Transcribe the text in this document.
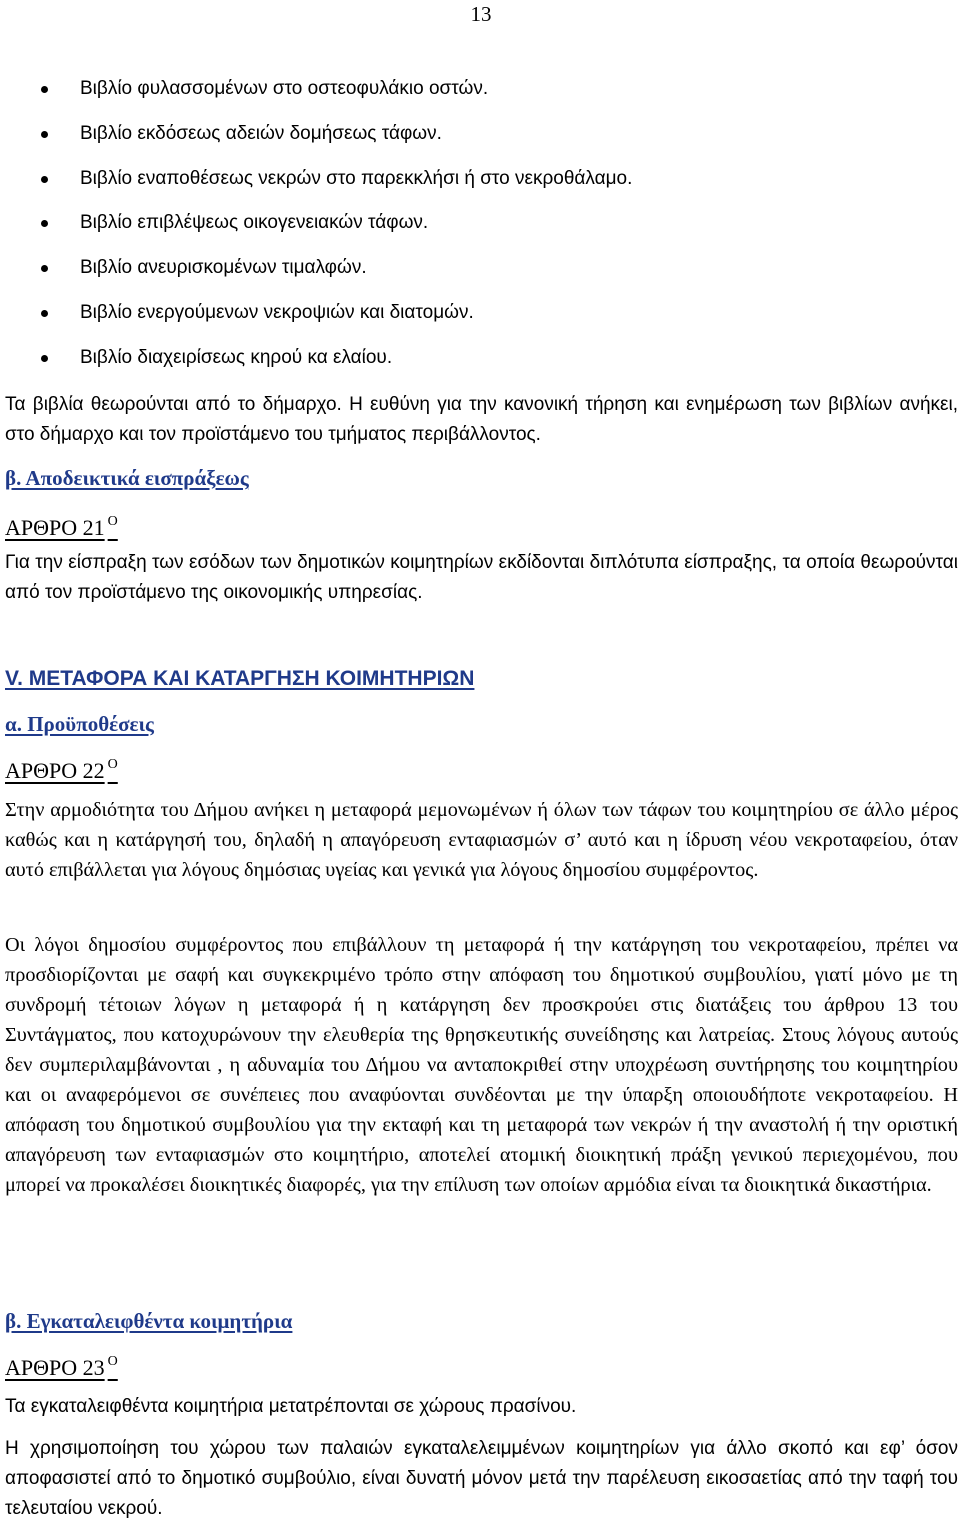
13
Βιβλίο φυλασσομένων στο οστεοφυλάκιο οστών.
Βιβλίο εκδόσεως αδειών δομήσεως τάφων.
Βιβλίο εναποθέσεως νεκρών στο παρεκκλήσι ή στο νεκροθάλαμο.
Βιβλίο επιβλέψεως οικογενειακών τάφων.
Βιβλίο ανευρισκομένων τιμαλφών.
Βιβλίο ενεργούμενων νεκροψιών και διατομών.
Βιβλίο διαχειρίσεως κηρού κα ελαίου.
Τα βιβλία θεωρούνται από το δήμαρχο. Η ευθύνη για την κανονική τήρηση και ενημέρωση των βιβλίων ανήκει, στο δήμαρχο και τον προϊστάμενο του τμήματος περιβάλλοντος.
β. Αποδεικτικά εισπράξεως
ΑΡΘΡΟ 21 $^O$
Για την είσπραξη των εσόδων των δημοτικών κοιμητηρίων εκδίδονται διπλότυπα είσπραξης, τα οποία θεωρούνται από τον προϊστάμενο της οικονομικής υπηρεσίας.
V. ΜΕΤΑΦΟΡΑ ΚΑΙ ΚΑΤΑΡΓΗΣΗ ΚΟΙΜΗΤΗΡΙΩΝ
α. Προϋποθέσεις
ΑΡΘΡΟ 22 $^O$
Στην αρμοδιότητα του Δήμου ανήκει η μεταφορά μεμονωμένων ή όλων των τάφων του κοιμητηρίου σε άλλο μέρος καθώς και η κατάργησή του, δηλαδή η απαγόρευση ενταφιασμών σ’ αυτό και η ίδρυση νέου νεκροταφείου, όταν αυτό επιβάλλεται για λόγους δημόσιας υγείας και γενικά για λόγους δημοσίου συμφέροντος.
Οι λόγοι δημοσίου συμφέροντος που επιβάλλουν τη μεταφορά ή την κατάργηση του νεκροταφείου, πρέπει να προσδιορίζονται με σαφή και συγκεκριμένο τρόπο στην απόφαση του δημοτικού συμβουλίου, γιατί μόνο με τη συνδρομή τέτοιων λόγων η μεταφορά ή η κατάργηση δεν προσκρούει στις διατάξεις του άρθρου 13 του Συντάγματος, που κατοχυρώνουν την ελευθερία της θρησκευτικής συνείδησης και λατρείας. Στους λόγους αυτούς δεν συμπεριλαμβάνονται , η αδυναμία του Δήμου να ανταποκριθεί στην υποχρέωση συντήρησης του κοιμητηρίου και οι αναφερόμενοι σε συνέπειες που αναφύονται συνδέονται με την ύπαρξη οποιουδήποτε νεκροταφείου. Η απόφαση του δημοτικού συμβουλίου για την εκταφή και τη μεταφορά των νεκρών ή την αναστολή ή την οριστική απαγόρευση των ενταφιασμών στο κοιμητήριο, αποτελεί ατομική διοικητική πράξη γενικού περιεχομένου, που μπορεί να προκαλέσει διοικητικές διαφορές, για την επίλυση των οποίων αρμόδια είναι τα διοικητικά δικαστήρια.
β. Εγκαταλειφθέντα κοιμητήρια
ΑΡΘΡΟ 23 $^O$
Τα εγκαταλειφθέντα κοιμητήρια μετατρέπονται σε χώρους πρασίνου.
Η χρησιμοποίηση του χώρου των παλαιών εγκαταλελειμμένων κοιμητηρίων για άλλο σκοπό και εφ’ όσον αποφασιστεί από το δημοτικό συμβούλιο, είναι δυνατή μόνον μετά την παρέλευση εικοσαετίας από την ταφή του τελευταίου νεκρού.
